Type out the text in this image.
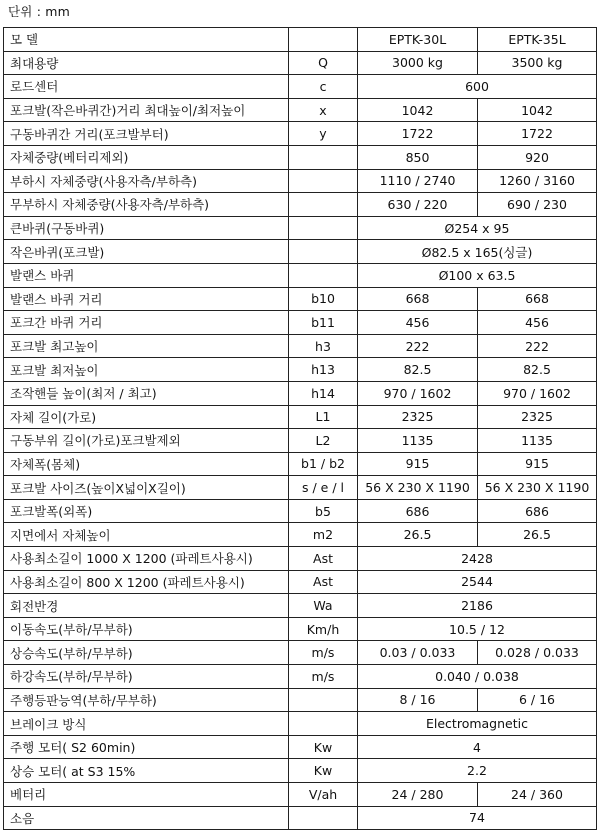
단위 : mm
모 델		EPTK-30L	EPTK-35L
최대용량	Q	3000 kg	3500 kg
로드센터	c	600	
포크발(작은바퀴간)거리 최대높이/최저높이	x	1042	1042
구동바퀴간 거리(포크발부터)	y	1722	1722
자체중량(베터리제외)		850	920
부하시 자체중량(사용자측/부하측)		1110 / 2740	1260 / 3160
무부하시 자체중량(사용자측/부하측)		630 / 220	690 / 230
큰바퀴(구동바퀴)		Ø254 x 95	
작은바퀴(포크발)		Ø82.5 x 165(싱글)	
발랜스 바퀴		Ø100 x 63.5	
발랜스 바퀴 거리	b10	668	668
포크간 바퀴 거리	b11	456	456
포크발 최고높이	h3	222	222
포크발 최저높이	h13	82.5	82.5
조작핸들 높이(최저 / 최고)	h14	970 / 1602	970 / 1602
자체 길이(가로)	L1	2325	2325
구동부위 길이(가로)포크발제외	L2	1135	1135
자체폭(몸체)	b1 / b2	915	915
포크발 사이즈(높이X넓이X길이)	s / e / l	56 X 230 X 1190	56 X 230 X 1190
포크발폭(외폭)	b5	686	686
지면에서 자체높이	m2	26.5	26.5
사용최소길이 1000 X 1200 (파레트사용시)	Ast	2428	
사용최소길이 800 X 1200 (파레트사용시)	Ast	2544	
회전반경	Wa	2186	
이동속도(부하/무부하)	Km/h	10.5 / 12	
상승속도(부하/무부하)	m/s	0.03 / 0.033	0.028 / 0.033
하강속도(부하/무부하)	m/s	0.040 / 0.038	
주행등판능역(부하/무부하)		8 / 16	6 / 16
브레이크 방식		Electromagnetic	
주행 모터( S2 60min)	Kw	4	
상승 모터( at S3 15%	Kw	2.2	
베터리	V/ah	24 / 280	24 / 360
소음		74	
